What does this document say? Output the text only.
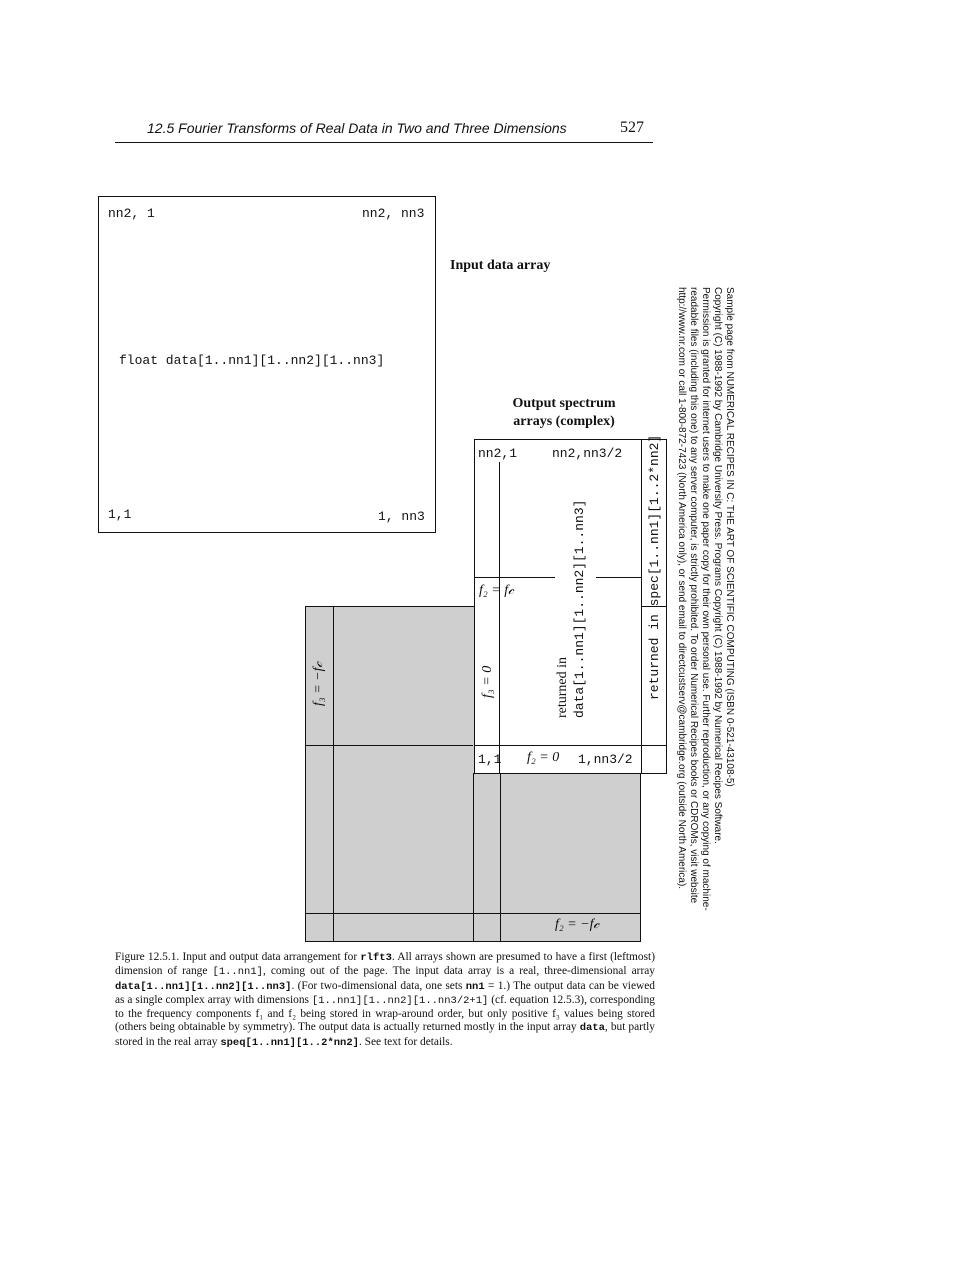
12.5 Fourier Transforms of Real Data in Two and Three Dimensions	527
nn2, 1	nn2, nn3
float data[1..nn1][1..nn2][1..nn3]
1,1	1, nn3
Input data array
Output spectrum
arrays (complex)
nn2,1	nn2,nn3/2
f₂ = f𝒸
1,1 f₂ = 0 1,nn3/2
f₃ = 0	returned in data[1..nn1][1..nn2][1..nn3]	returned in spec[1..nn1][1..2*nn2]
f₃ = −f𝒸
f₂ = −f𝒸
Figure 12.5.1. Input and output data arrangement for rlft3. All arrays shown are presumed to have a first (leftmost) dimension of range [1..nn1], coming out of the page. The input data array is a real, three-dimensional array data[1..nn1][1..nn2][1..nn3]. (For two-dimensional data, one sets nn1 = 1.) The output data can be viewed as a single complex array with dimensions [1..nn1][1..nn2][1..nn3/2+1] (cf. equation 12.5.3), corresponding to the frequency components f₁ and f₂ being stored in wrap-around order, but only positive f₃ values being stored (others being obtainable by symmetry). The output data is actually returned mostly in the input array data, but partly stored in the real array speq[1..nn1][1..2*nn2]. See text for details.
Sample page from NUMERICAL RECIPES IN C: THE ART OF SCIENTIFIC COMPUTING (ISBN 0-521-43108-5)
Copyright (C) 1988-1992 by Cambridge University Press. Programs Copyright (C) 1988-1992 by Numerical Recipes Software.
Permission is granted for internet users to make one paper copy for their own personal use. Further reproduction, or any copying of machine-
readable files (including this one) to any server computer, is strictly prohibited. To order Numerical Recipes books or CDROMs, visit website
http://www.nr.com or call 1-800-872-7423 (North America only), or send email to directcustserv@cambridge.org (outside North America).
